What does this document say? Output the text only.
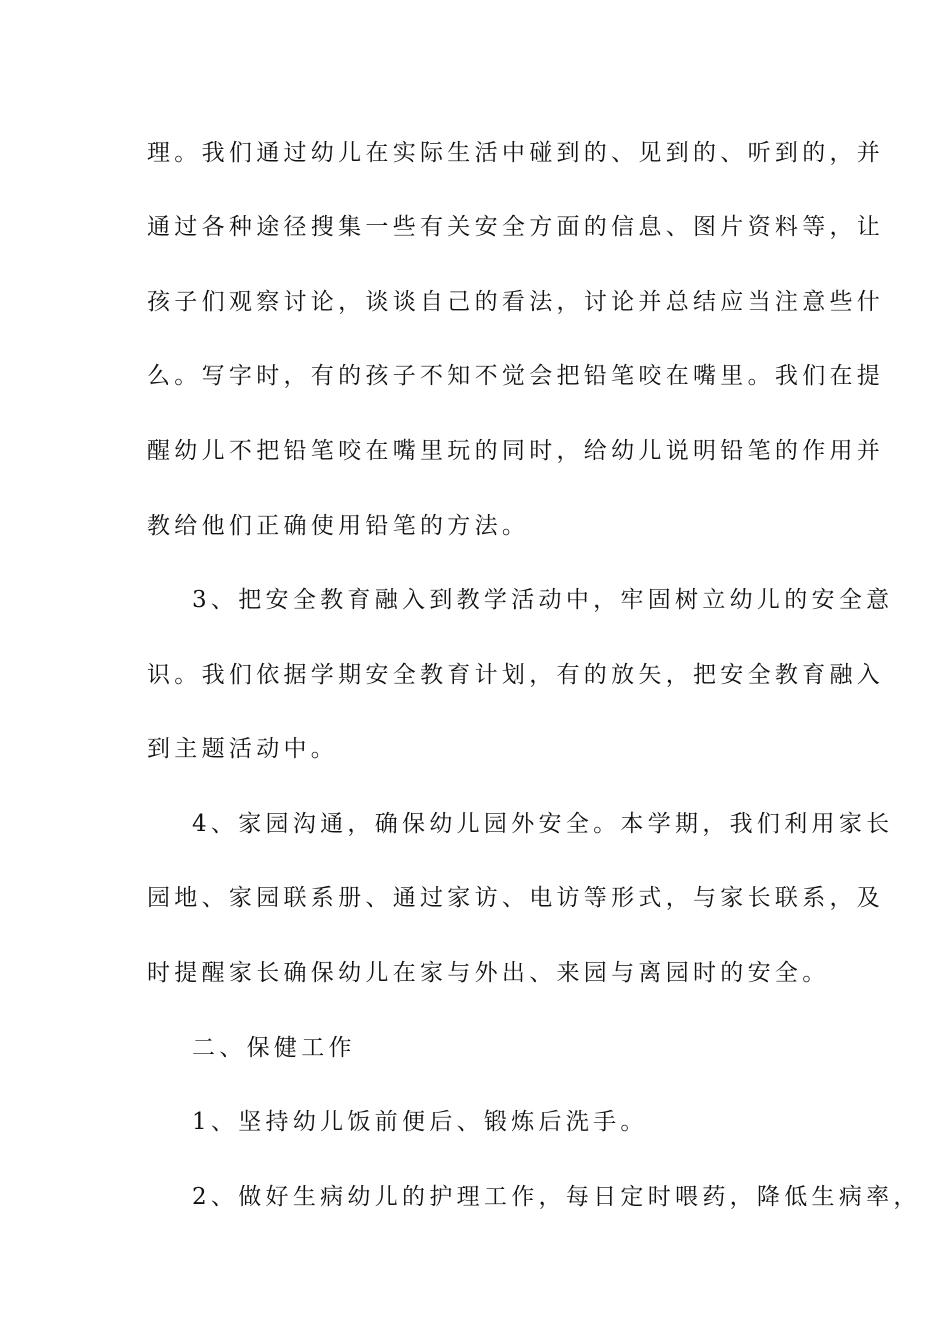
理。我们通过幼儿在实际生活中碰到的、见到的、听到的，并
通过各种途径搜集一些有关安全方面的信息、图片资料等，让
孩子们观察讨论，谈谈自己的看法，讨论并总结应当注意些什
么。写字时，有的孩子不知不觉会把铅笔咬在嘴里。我们在提
醒幼儿不把铅笔咬在嘴里玩的同时，给幼儿说明铅笔的作用并
教给他们正确使用铅笔的方法。
3、把安全教育融入到教学活动中，牢固树立幼儿的安全意
识。我们依据学期安全教育计划，有的放矢，把安全教育融入
到主题活动中。
4、家园沟通，确保幼儿园外安全。本学期，我们利用家长
园地、家园联系册、通过家访、电访等形式，与家长联系，及
时提醒家长确保幼儿在家与外出、来园与离园时的安全。
二、保健工作
1、坚持幼儿饭前便后、锻炼后洗手。
2、做好生病幼儿的护理工作，每日定时喂药，降低生病率，
